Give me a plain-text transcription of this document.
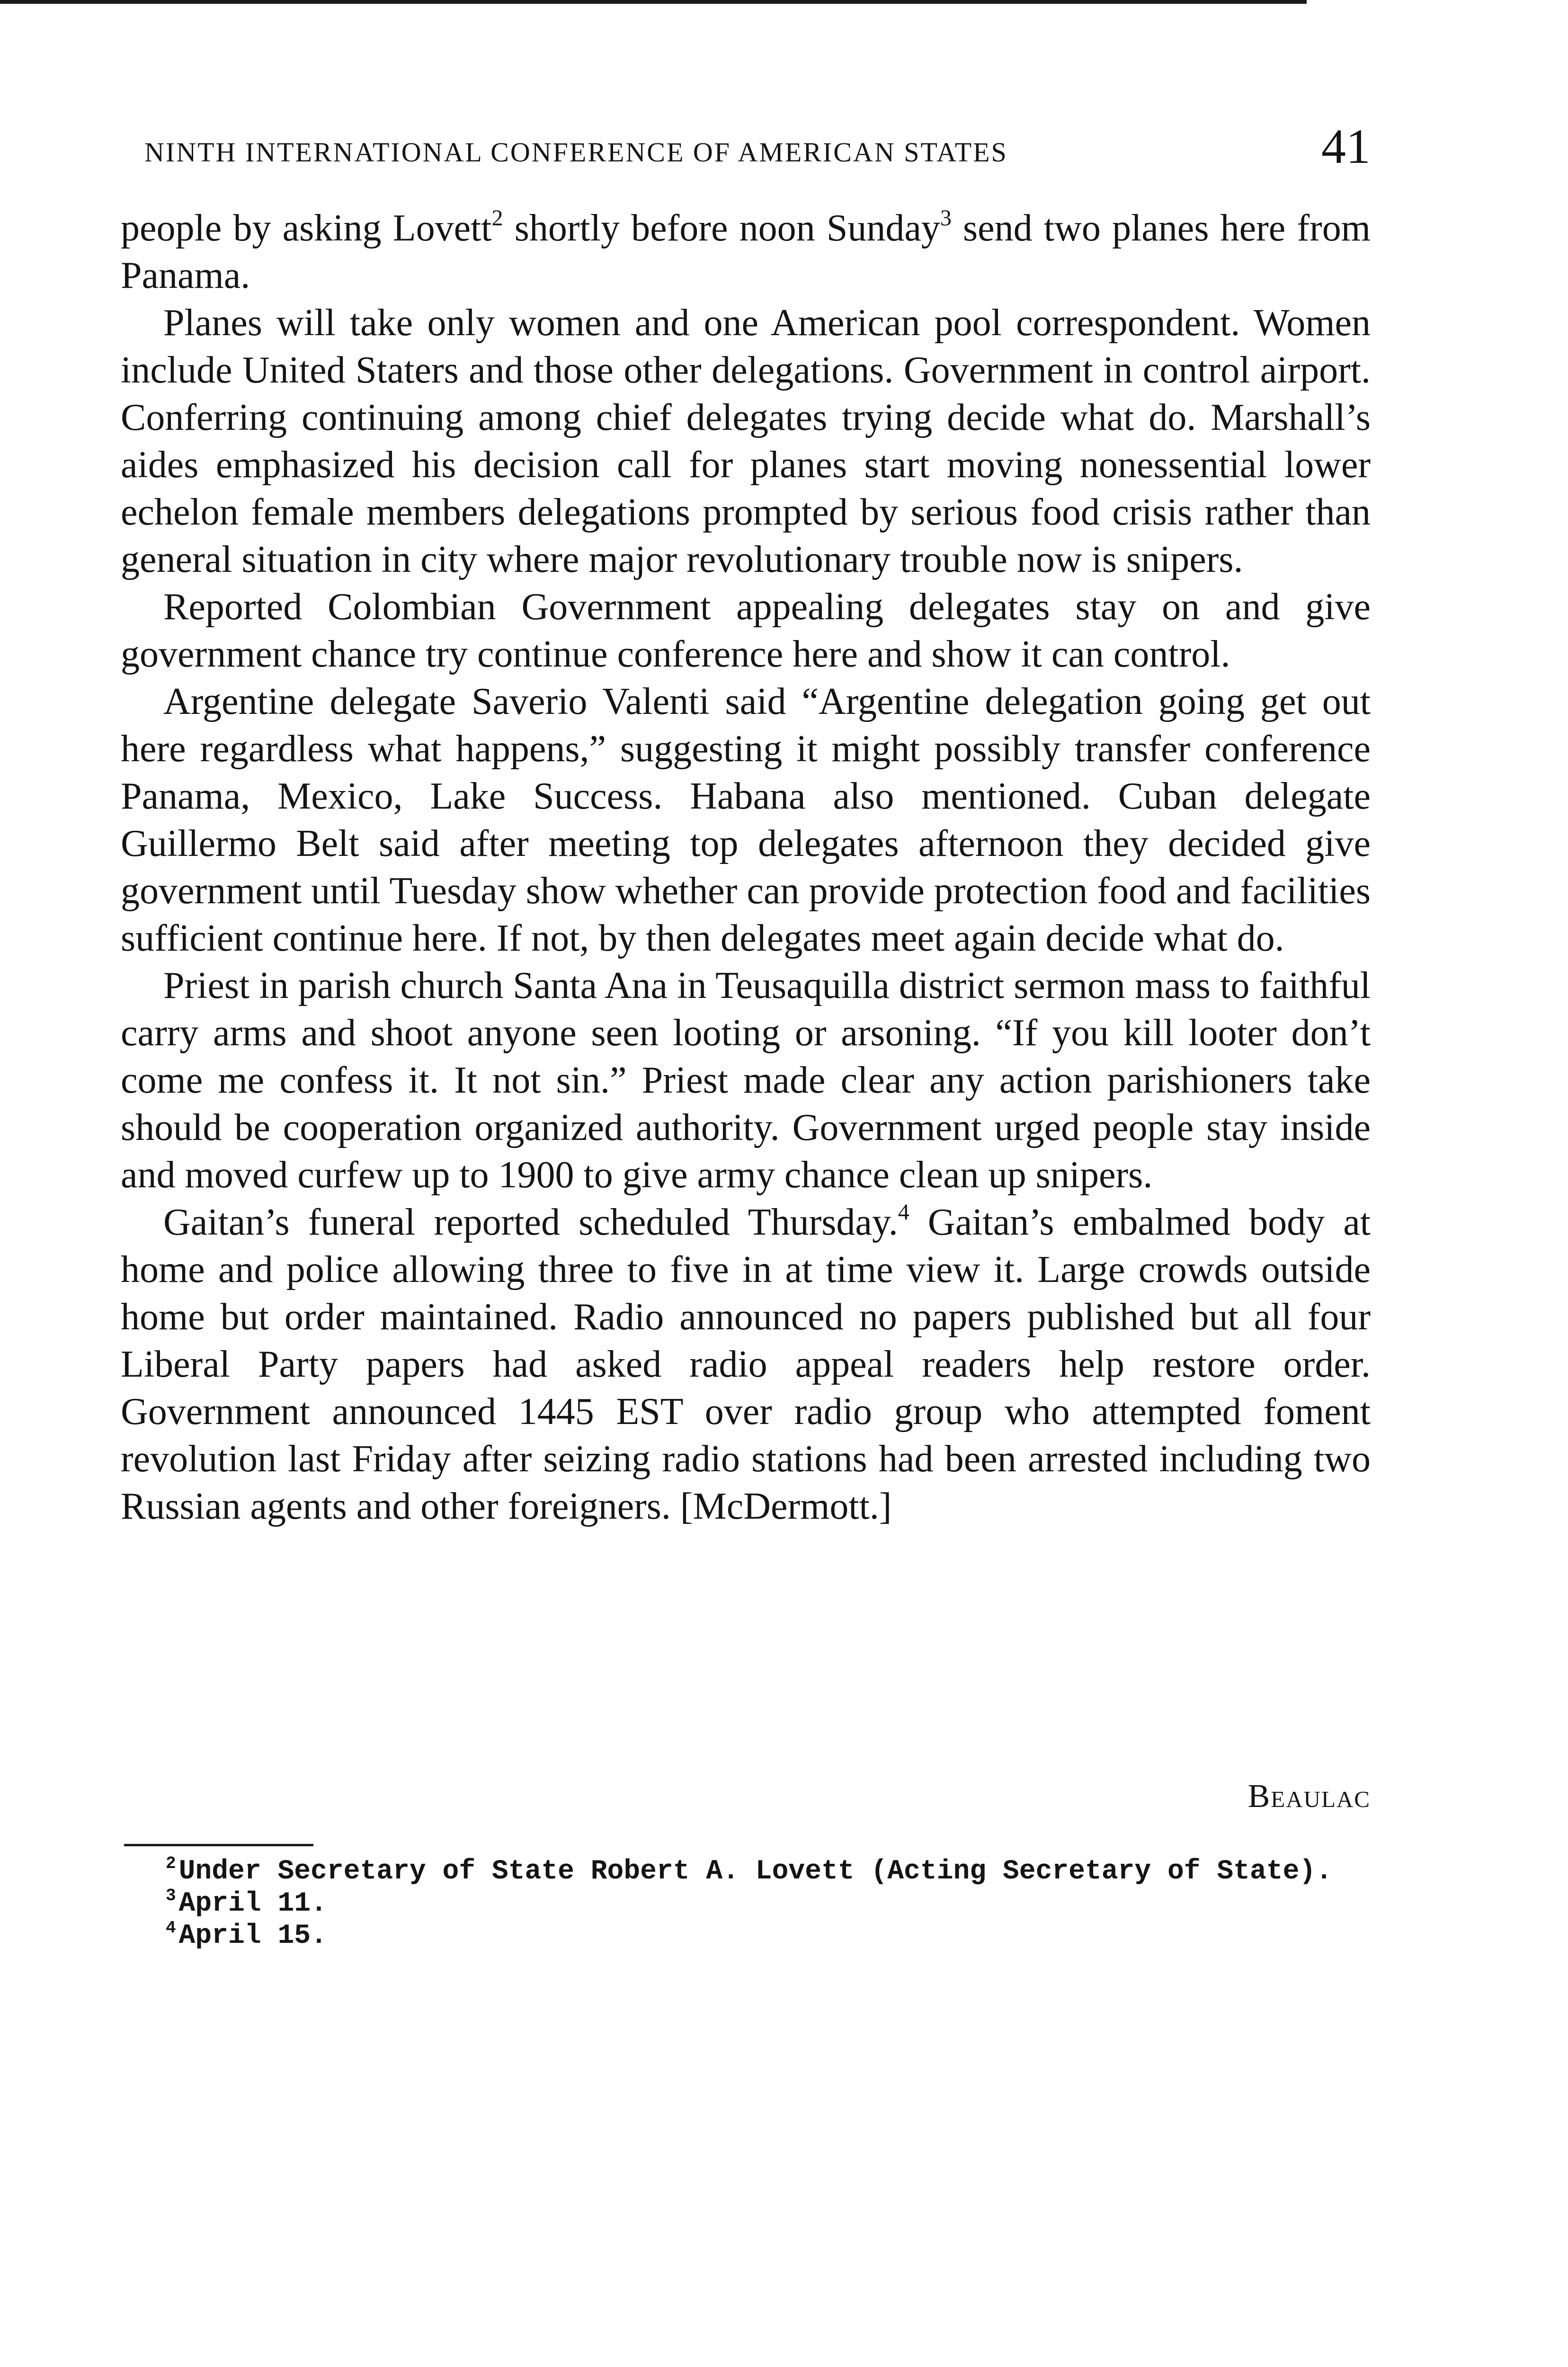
NINTH INTERNATIONAL CONFERENCE OF AMERICAN STATES	41

people by asking Lovett$^2$ shortly before noon Sunday$^3$ send two planes here from Panama.

Planes will take only women and one American pool correspondent. Women include United Staters and those other delegations. Government in control airport. Conferring continuing among chief delegates trying decide what do. Marshall’s aides emphasized his decision call for planes start moving nonessential lower echelon female members delegations prompted by serious food crisis rather than general situation in city where major revolutionary trouble now is snipers.

Reported Colombian Government appealing delegates stay on and give government chance try continue conference here and show it can control.

Argentine delegate Saverio Valenti said “Argentine delegation going get out here regardless what happens,” suggesting it might possibly transfer conference Panama, Mexico, Lake Success. Habana also mentioned. Cuban delegate Guillermo Belt said after meeting top delegates afternoon they decided give government until Tuesday show whether can provide protection food and facilities sufficient continue here. If not, by then delegates meet again decide what do.

Priest in parish church Santa Ana in Teusaquilla district sermon mass to faithful carry arms and shoot anyone seen looting or arsoning. “If you kill looter don’t come me confess it. It not sin.” Priest made clear any action parishioners take should be cooperation organized authority. Government urged people stay inside and moved curfew up to 1900 to give army chance clean up snipers.

Gaitan’s funeral reported scheduled Thursday.$^4$ Gaitan’s embalmed body at home and police allowing three to five in at time view it. Large crowds outside home but order maintained. Radio announced no papers published but all four Liberal Party papers had asked radio appeal readers help restore order. Government announced 1445 EST over radio group who attempted foment revolution last Friday after seizing radio stations had been arrested including two Russian agents and other foreigners. [McDermott.]

Beaulac
$^2$ Under Secretary of State Robert A. Lovett (Acting Secretary of State).
$^3$ April 11.
$^4$ April 15.
